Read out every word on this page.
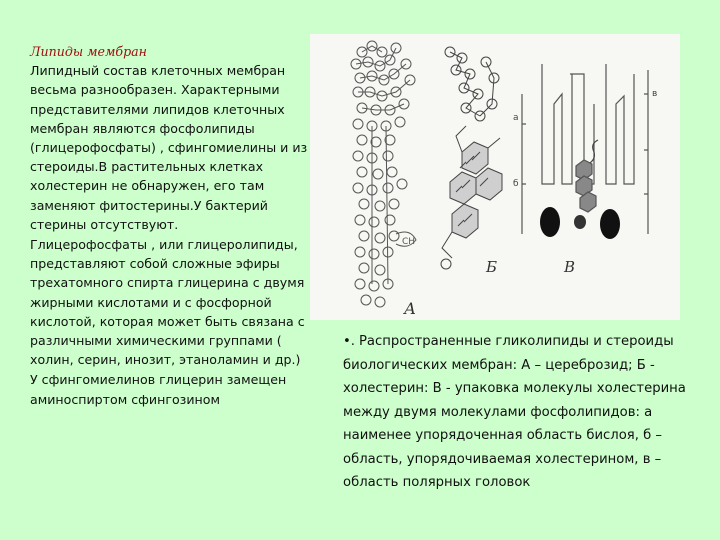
Липиды мембран
Липидный состав клеточных мембран весьма разнообразен. Характерными представителями липидов клеточных мембран являются фосфолипиды (глицерофосфаты) , сфингомиелины и из стероиды.В растительных клетках холестерин не обнаружен, его там заменяют фитостерины.У бактерий стерины отсутствуют.
Глицерофосфаты , или глицеролипиды, представляют собой сложные эфиры трехатомного спирта глицерина с двумя жирными кислотами и с фосфорной кислотой, которая может быть связана с различными химическими группами ( холин, серин, инозит, этаноламин и др.)
У сфингомиелинов глицерин замещен аминоспиртом сфингозином
CH
А
Б
а
б
в
В
•. Распространенные гликолипиды и стероиды биологических мембран: А – цереброзид; Б - холестерин: В - упаковка молекулы холестерина между двумя молекулами фосфолипидов: а наименее упорядоченная область бислоя, б – область, упорядочиваемая холестерином, в – область полярных головок
